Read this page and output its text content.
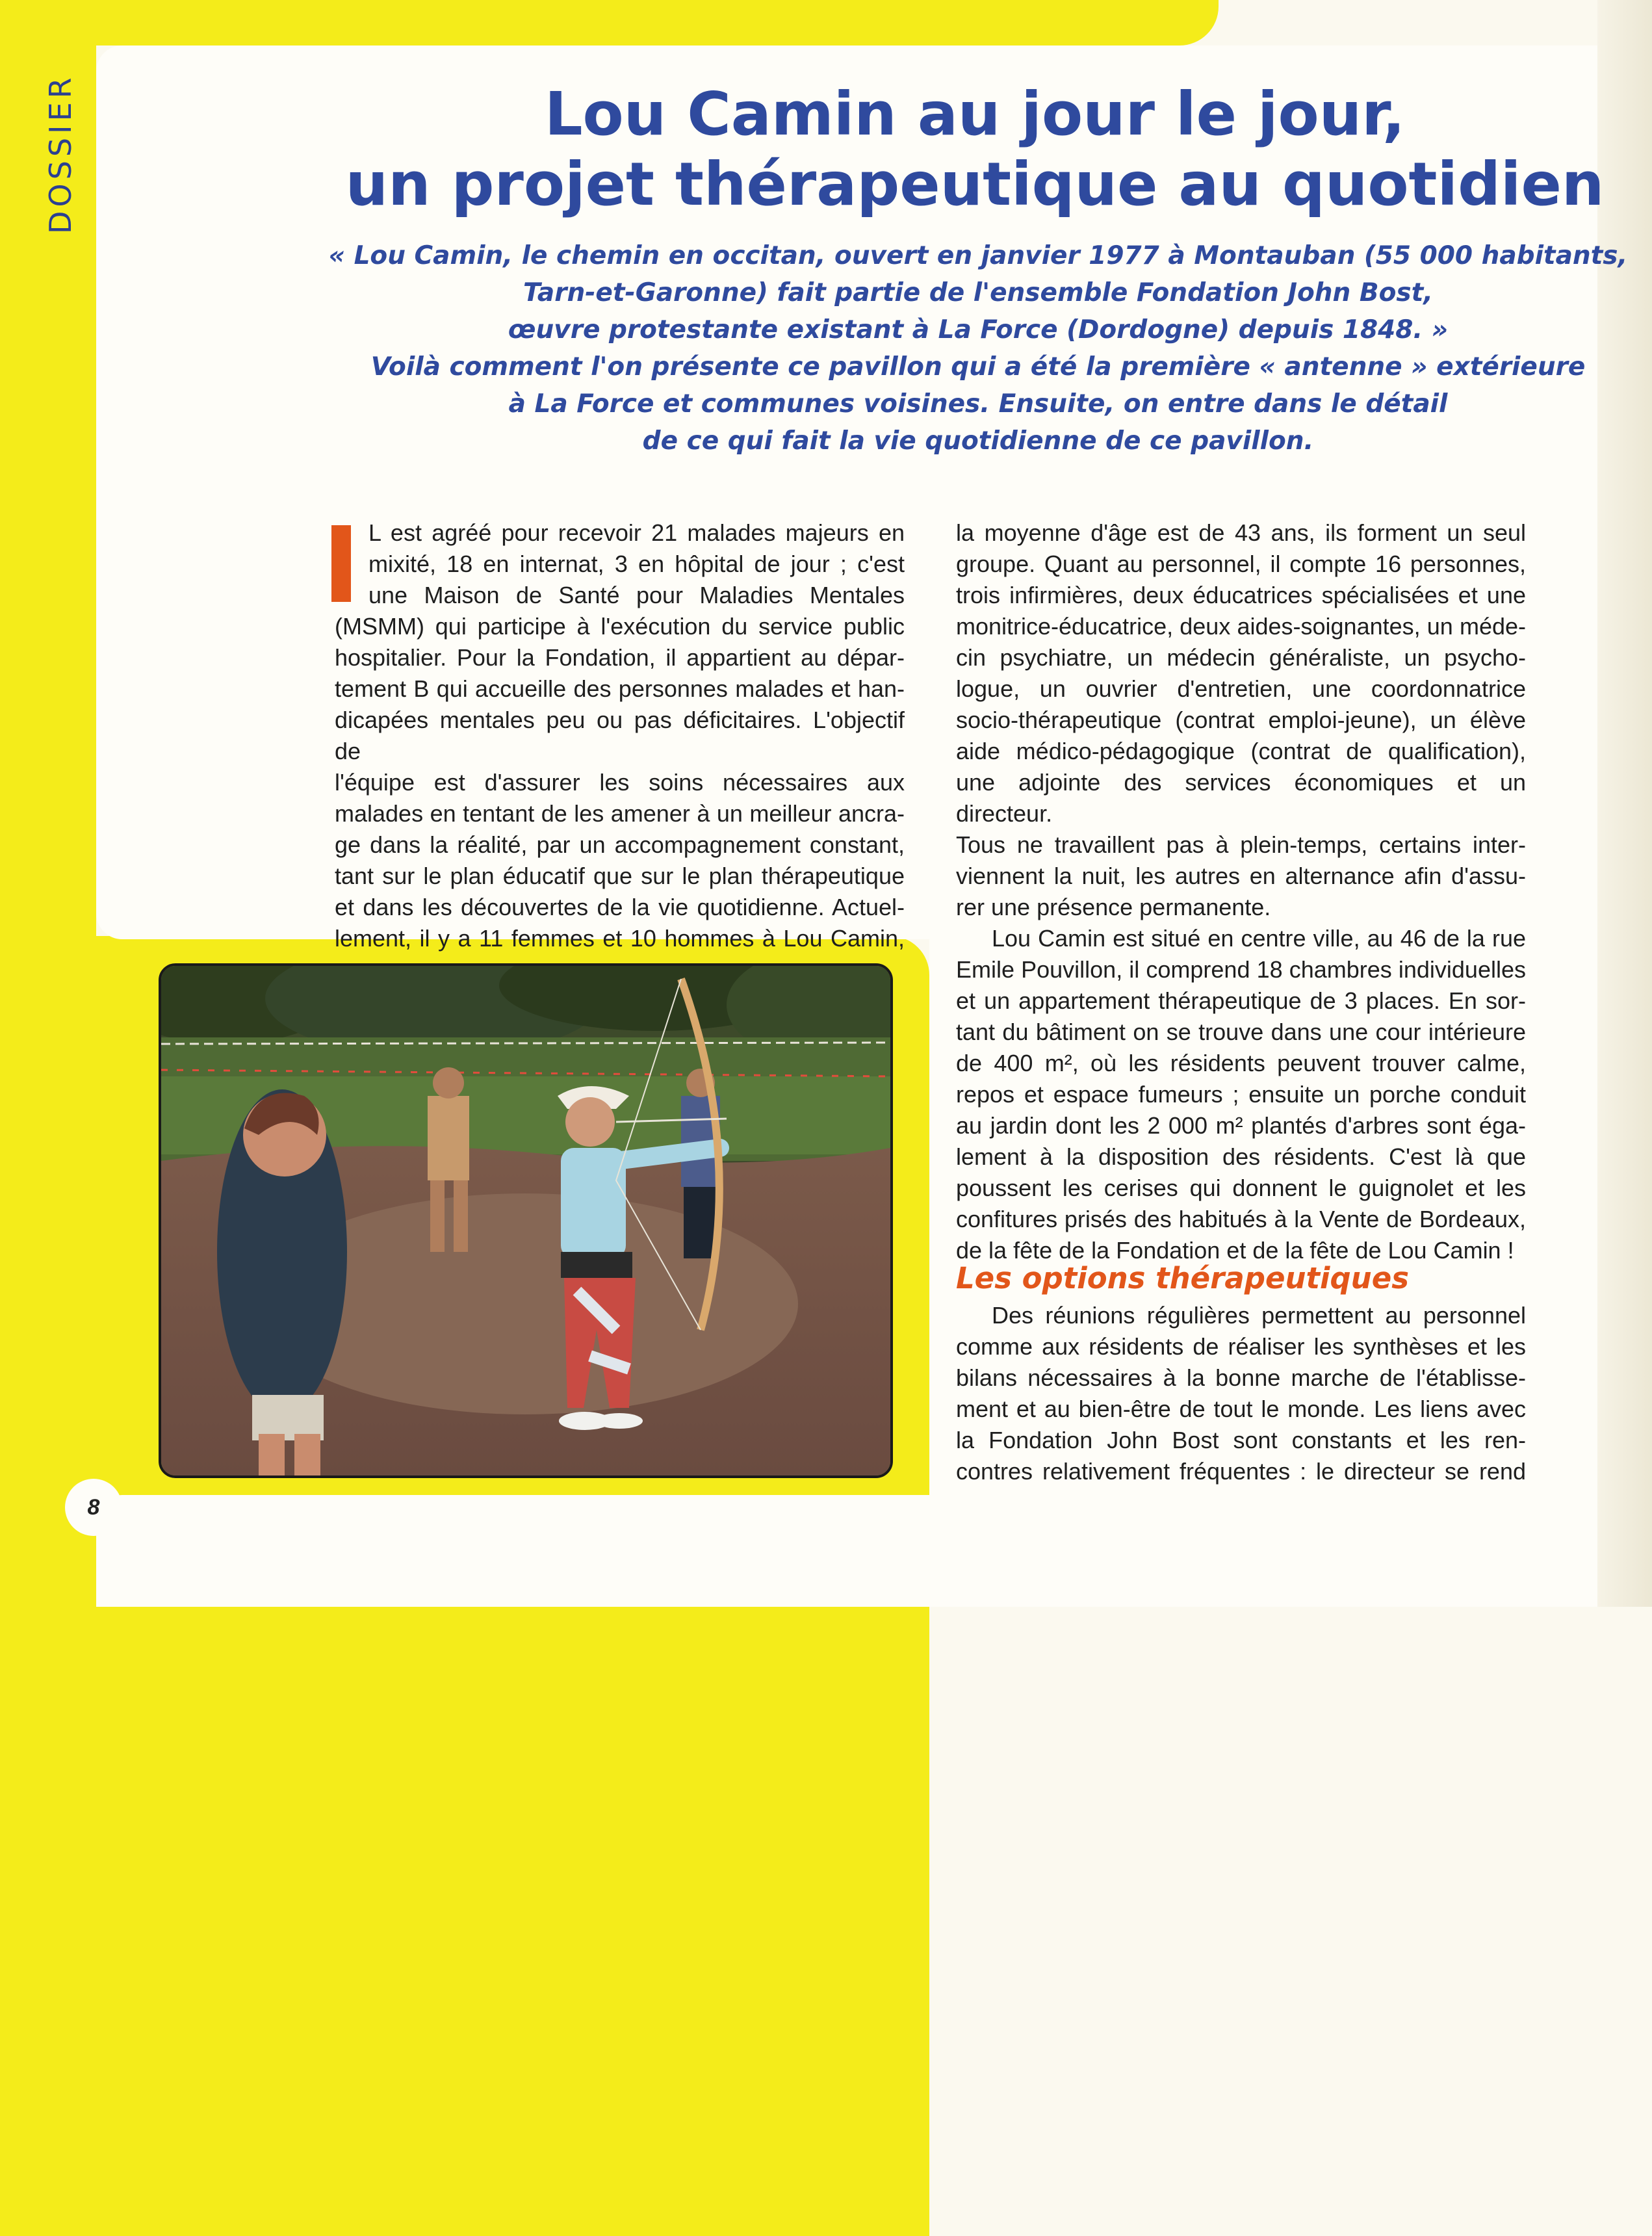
DOSSIER	Lou Camin au jour le jour,
un projet thérapeutique au quotidien
« Lou Camin, le chemin en occitan, ouvert en janvier 1977 à Montauban (55 000 habitants,
Tarn-et-Garonne) fait partie de l'ensemble Fondation John Bost,
œuvre protestante existant à La Force (Dordogne) depuis 1848. »
Voilà comment l'on présente ce pavillon qui a été la première « antenne » extérieure
à La Force et communes voisines. Ensuite, on entre dans le détail
de ce qui fait la vie quotidienne de ce pavillon.
L est agréé pour recevoir 21 malades majeurs en
mixité, 18 en internat, 3 en hôpital de jour ; c'est
une Maison de Santé pour Maladies Mentales
(MSMM) qui participe à l'exécution du service public
hospitalier. Pour la Fondation, il appartient au dépar-
tement B qui accueille des personnes malades et han-
dicapées mentales peu ou pas déficitaires. L'objectif de
l'équipe est d'assurer les soins nécessaires aux
malades en tentant de les amener à un meilleur ancra-
ge dans la réalité, par un accompagnement constant,
tant sur le plan éducatif que sur le plan thérapeutique
et dans les découvertes de la vie quotidienne. Actuel-
lement, il y a 11 femmes et 10 hommes à Lou Camin,
la moyenne d'âge est de 43 ans, ils forment un seul
groupe. Quant au personnel, il compte 16 personnes,
trois infirmières, deux éducatrices spécialisées et une
monitrice-éducatrice, deux aides-soignantes, un méde-
cin psychiatre, un médecin généraliste, un psycho-
logue, un ouvrier d'entretien, une coordonnatrice
socio-thérapeutique (contrat emploi-jeune), un élève
aide médico-pédagogique (contrat de qualification),
une adjointe des services économiques et un directeur.
Tous ne travaillent pas à plein-temps, certains inter-
viennent la nuit, les autres en alternance afin d'assu-
rer une présence permanente.
Lou Camin est situé en centre ville, au 46 de la rue
Emile Pouvillon, il comprend 18 chambres individuelles
et un appartement thérapeutique de 3 places. En sor-
tant du bâtiment on se trouve dans une cour intérieure
de 400 m², où les résidents peuvent trouver calme,
repos et espace fumeurs ; ensuite un porche conduit
au jardin dont les 2 000 m² plantés d'arbres sont éga-
lement à la disposition des résidents. C'est là que
poussent les cerises qui donnent le guignolet et les
confitures prisés des habitués à la Vente de Bordeaux,
de la fête de la Fondation et de la fête de Lou Camin !
Les options thérapeutiques
Des réunions régulières permettent au personnel
comme aux résidents de réaliser les synthèses et les
bilans nécessaires à la bonne marche de l'établisse-
ment et au bien-être de tout le monde. Les liens avec
la Fondation John Bost sont constants et les ren-
contres relativement fréquentes : le directeur se rend
8
